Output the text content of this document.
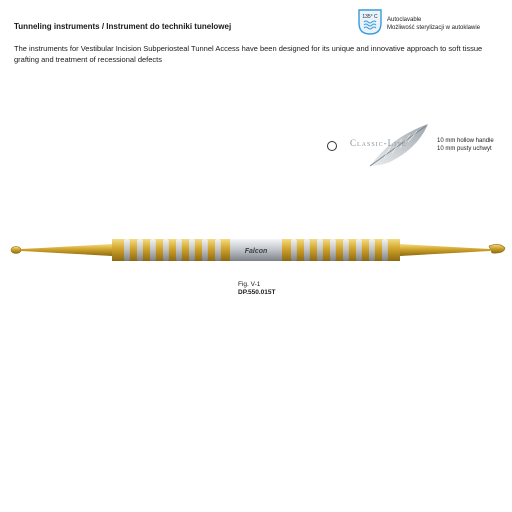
Tunneling instruments / Instrument do techniki tunelowej
The instruments for Vestibular Incision Subperiosteal Tunnel Access have been designed for its unique and innovative approach to soft tissue grafting and treatment of recessional defects
135° C Autoclavable
Możliwość sterylizacji w autoklawie
Classic-Lite	10 mm hollow handle
10 mm pusty uchwyt
Falcon
Fig. V-1
DP.550.015T
